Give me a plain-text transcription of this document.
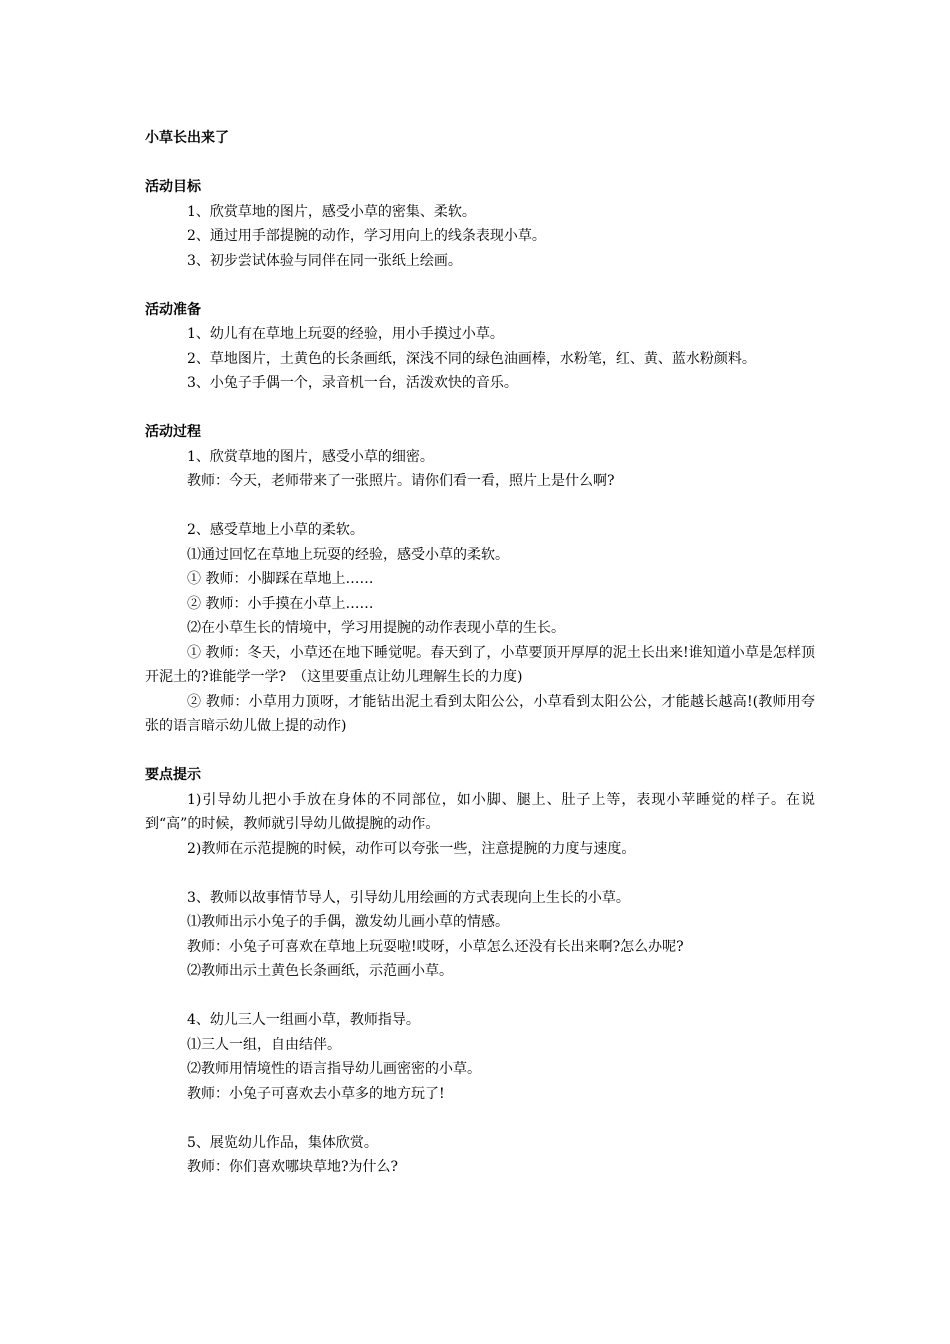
小草长出来了

活动目标

1、欣赏草地的图片，感受小草的密集、柔软。

2、通过用手部提腕的动作，学习用向上的线条表现小草。

3、初步尝试体验与同伴在同一张纸上绘画。

活动准备

1、幼儿有在草地上玩耍的经验，用小手摸过小草。

2、草地图片，土黄色的长条画纸，深浅不同的绿色油画棒，水粉笔，红、黄、蓝水粉颜料。

3、小兔子手偶一个，录音机一台，活泼欢快的音乐。

活动过程

1、欣赏草地的图片，感受小草的细密。

教师：今天，老师带来了一张照片。请你们看一看，照片上是什么啊?

2、感受草地上小草的柔软。

⑴通过回忆在草地上玩耍的经验，感受小草的柔软。

① 教师：小脚踩在草地上……

② 教师：小手摸在小草上……

⑵在小草生长的情境中，学习用提腕的动作表现小草的生长。

① 教师：冬天，小草还在地下睡觉呢。春天到了，小草要顶开厚厚的泥土长出来!谁知道小草是怎样顶开泥土的?谁能学一学?　（这里要重点让幼儿理解生长的力度)

② 教师：小草用力顶呀，才能钻出泥土看到太阳公公，小草看到太阳公公，才能越长越高!(教师用夸张的语言暗示幼儿做上提的动作)

要点提示

1)引导幼儿把小手放在身体的不同部位，如小脚、腿上、肚子上等，表现小苹睡觉的样子。在说到“高”的时候，教师就引导幼儿做提腕的动作。

2)教师在示范提腕的时候，动作可以夸张一些，注意提腕的力度与速度。

3、教师以故事情节导人，引导幼儿用绘画的方式表现向上生长的小草。

⑴教师出示小兔子的手偶，激发幼儿画小草的情感。

教师：小兔子可喜欢在草地上玩耍啦!哎呀，小草怎么还没有长出来啊?怎么办呢?

⑵教师出示土黄色长条画纸，示范画小草。

4、幼儿三人一组画小草，教师指导。

⑴三人一组，自由结伴。

⑵教师用情境性的语言指导幼儿画密密的小草。

教师：小兔子可喜欢去小草多的地方玩了!

5、展览幼儿作品，集体欣赏。

教师：你们喜欢哪块草地?为什么?
